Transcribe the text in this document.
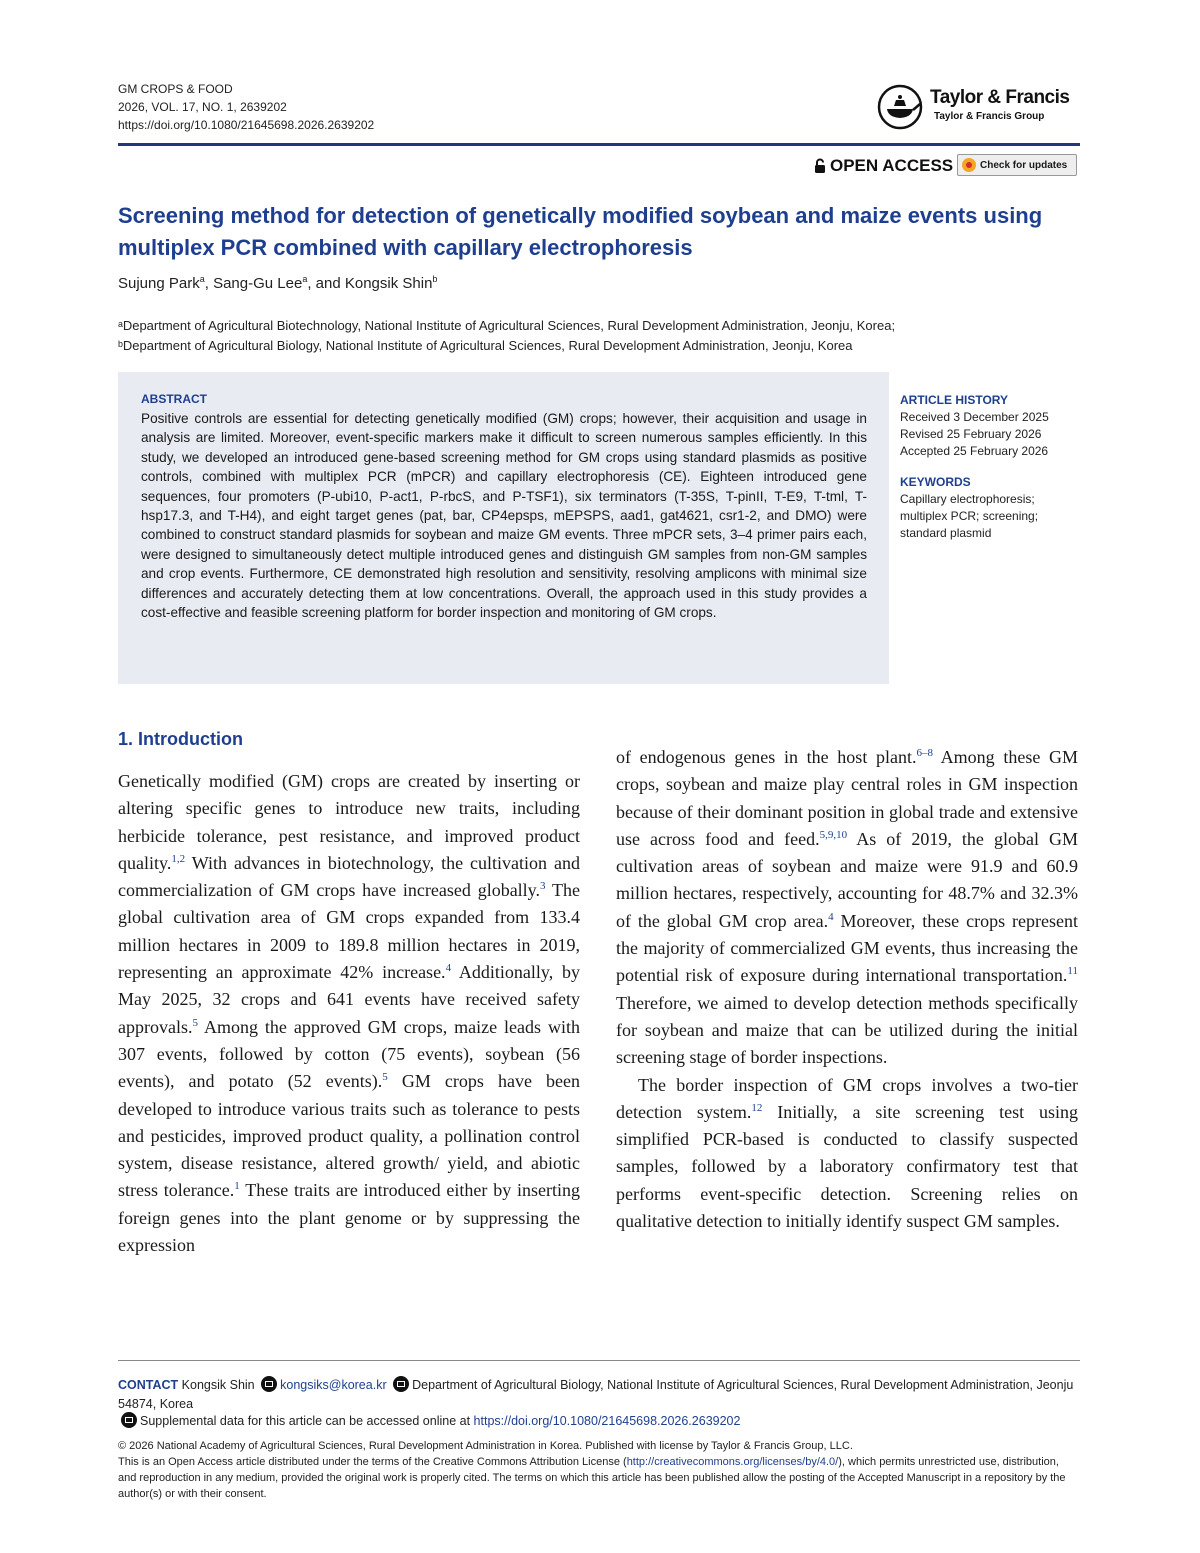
GM CROPS & FOOD
2026, VOL. 17, NO. 1, 2639202
https://doi.org/10.1080/21645698.2026.2639202
Taylor & Francis
Taylor & Francis Group
OPEN ACCESS	Check for updates
Screening method for detection of genetically modified soybean and maize events using multiplex PCR combined with capillary electrophoresis
Sujung Park$^a$, Sang-Gu Lee$^a$, and Kongsik Shin$^b$
ᵃDepartment of Agricultural Biotechnology, National Institute of Agricultural Sciences, Rural Development Administration, Jeonju, Korea;
ᵇDepartment of Agricultural Biology, National Institute of Agricultural Sciences, Rural Development Administration, Jeonju, Korea
ABSTRACT
Positive controls are essential for detecting genetically modified (GM) crops; however, their acquisition and usage in analysis are limited. Moreover, event-specific markers make it difficult to screen numerous samples efficiently. In this study, we developed an introduced gene-based screening method for GM crops using standard plasmids as positive controls, combined with multiplex PCR (mPCR) and capillary electrophoresis (CE). Eighteen introduced gene sequences, four promoters (P-ubi10, P-act1, P-rbcS, and P-TSF1), six terminators (T-35S, T-pinII, T-E9, T-tml, T-hsp17.3, and T-H4), and eight target genes (pat, bar, CP4epsps, mEPSPS, aad1, gat4621, csr1-2, and DMO) were combined to construct standard plasmids for soybean and maize GM events. Three mPCR sets, 3–4 primer pairs each, were designed to simultaneously detect multiple introduced genes and distinguish GM samples from non-GM samples and crop events. Furthermore, CE demonstrated high resolution and sensitivity, resolving amplicons with minimal size differences and accurately detecting them at low concentrations. Overall, the approach used in this study provides a cost-effective and feasible screening platform for border inspection and monitoring of GM crops.
ARTICLE HISTORY
Received 3 December 2025
Revised 25 February 2026
Accepted 25 February 2026
KEYWORDS
Capillary electrophoresis; multiplex PCR; screening; standard plasmid
1. Introduction

Genetically modified (GM) crops are created by inserting or altering specific genes to introduce new traits, including herbicide tolerance, pest resistance, and improved product quality.$^{1,2}$ With advances in biotechnology, the cultivation and commercialization of GM crops have increased globally.$^3$ The global cultivation area of GM crops expanded from 133.4 million hectares in 2009 to 189.8 million hectares in 2019, representing an approximate 42% increase.$^4$ Additionally, by May 2025, 32 crops and 641 events have received safety approvals.$^5$ Among the approved GM crops, maize leads with 307 events, followed by cotton (75 events), soybean (56 events), and potato (52 events).$^5$ GM crops have been developed to introduce various traits such as tolerance to pests and pesticides, improved product quality, a pollination control system, disease resistance, altered growth/ yield, and abiotic stress tolerance.$^1$ These traits are introduced either by inserting foreign genes into the plant genome or by suppressing the expression

of endogenous genes in the host plant.$^{6-8}$ Among these GM crops, soybean and maize play central roles in GM inspection because of their dominant position in global trade and extensive use across food and feed.$^{5,9,10}$ As of 2019, the global GM cultivation areas of soybean and maize were 91.9 and 60.9 million hectares, respectively, accounting for 48.7% and 32.3% of the global GM crop area.$^4$ Moreover, these crops represent the majority of commercialized GM events, thus increasing the potential risk of exposure during international transportation.$^{11}$ Therefore, we aimed to develop detection methods specifically for soybean and maize that can be utilized during the initial screening stage of border inspections.

The border inspection of GM crops involves a two-tier detection system.$^{12}$ Initially, a site screening test using simplified PCR-based is conducted to classify suspected samples, followed by a laboratory confirmatory test that performs event-specific detection. Screening relies on qualitative detection to initially identify suspect GM samples.

CONTACT Kongsik Shin kongsiks@korea.kr Department of Agricultural Biology, National Institute of Agricultural Sciences, Rural Development Administration, Jeonju 54874, Korea
Supplemental data for this article can be accessed online at https://doi.org/10.1080/21645698.2026.2639202
© 2026 National Academy of Agricultural Sciences, Rural Development Administration in Korea. Published with license by Taylor & Francis Group, LLC.
This is an Open Access article distributed under the terms of the Creative Commons Attribution License (http://creativecommons.org/licenses/by/4.0/), which permits unrestricted use, distribution, and reproduction in any medium, provided the original work is properly cited. The terms on which this article has been published allow the posting of the Accepted Manuscript in a repository by the author(s) or with their consent.
